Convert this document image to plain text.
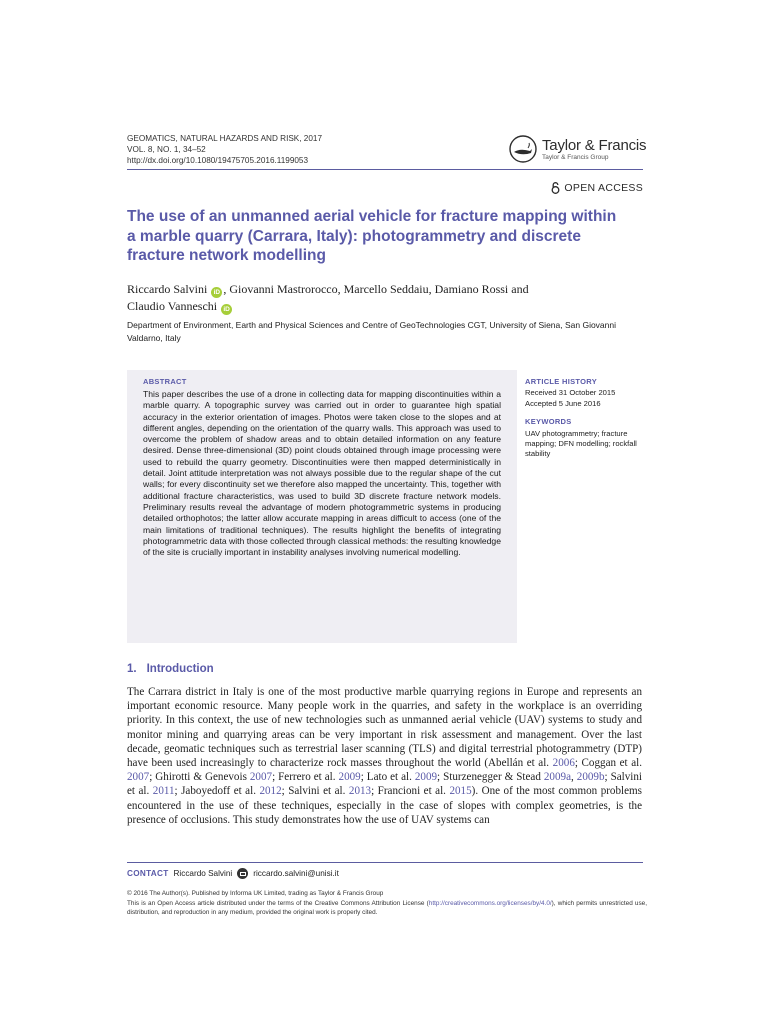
GEOMATICS, NATURAL HAZARDS AND RISK, 2017
VOL. 8, NO. 1, 34–52
http://dx.doi.org/10.1080/19475705.2016.1199053
Taylor & Francis
Taylor & Francis Group
OPEN ACCESS
The use of an unmanned aerial vehicle for fracture mapping within a marble quarry (Carrara, Italy): photogrammetry and discrete fracture network modelling
Riccardo Salvini iD , Giovanni Mastrorocco, Marcello Seddaiu, Damiano Rossi and
Claudio Vanneschi iD
Department of Environment, Earth and Physical Sciences and Centre of GeoTechnologies CGT, University of Siena, San Giovanni Valdarno, Italy
ABSTRACT

This paper describes the use of a drone in collecting data for mapping discontinuities within a marble quarry. A topographic survey was carried out in order to guarantee high spatial accuracy in the exterior orientation of images. Photos were taken close to the slopes and at different angles, depending on the orientation of the quarry walls. This approach was used to overcome the problem of shadow areas and to obtain detailed information on any feature desired. Dense three-dimensional (3D) point clouds obtained through image processing were used to rebuild the quarry geometry. Discontinuities were then mapped deterministically in detail. Joint attitude interpretation was not always possible due to the regular shape of the cut walls; for every discontinuity set we therefore also mapped the uncertainty. This, together with additional fracture characteristics, was used to build 3D discrete fracture network models. Preliminary results reveal the advantage of modern photogrammetric systems in producing detailed orthophotos; the latter allow accurate mapping in areas difficult to access (one of the main limitations of traditional techniques). The results highlight the benefits of integrating photogrammetric data with those collected through classical methods: the resulting knowledge of the site is crucially important in instability analyses involving numerical modelling.

ARTICLE HISTORY
Received 31 October 2015
Accepted 5 June 2016
KEYWORDS
UAV photogrammetry; fracture mapping; DFN modelling; rockfall stability
1. Introduction

The Carrara district in Italy is one of the most productive marble quarrying regions in Europe and represents an important economic resource. Many people work in the quarries, and safety in the workplace is an overriding priority. In this context, the use of new technologies such as unmanned aerial vehicle (UAV) systems to study and monitor mining and quarrying areas can be very important in risk assessment and management. Over the last decade, geomatic techniques such as terrestrial laser scanning (TLS) and digital terrestrial photogrammetry (DTP) have been used increasingly to characterize rock masses throughout the world (Abellán et al. 2006; Coggan et al. 2007; Ghirotti & Genevois 2007; Ferrero et al. 2009; Lato et al. 2009; Sturzenegger & Stead 2009a, 2009b; Salvini et al. 2011; Jaboyedoff et al. 2012; Salvini et al. 2013; Francioni et al. 2015). One of the most common problems encountered in the use of these techniques, especially in the case of slopes with complex geometries, is the presence of occlusions. This study demonstrates how the use of UAV systems can

CONTACT Riccardo Salvini	riccardo.salvini@unisi.it

© 2016 The Author(s). Published by Informa UK Limited, trading as Taylor & Francis Group

This is an Open Access article distributed under the terms of the Creative Commons Attribution License (http://creativecommons.org/licenses/by/4.0/), which permits unrestricted use, distribution, and reproduction in any medium, provided the original work is properly cited.
